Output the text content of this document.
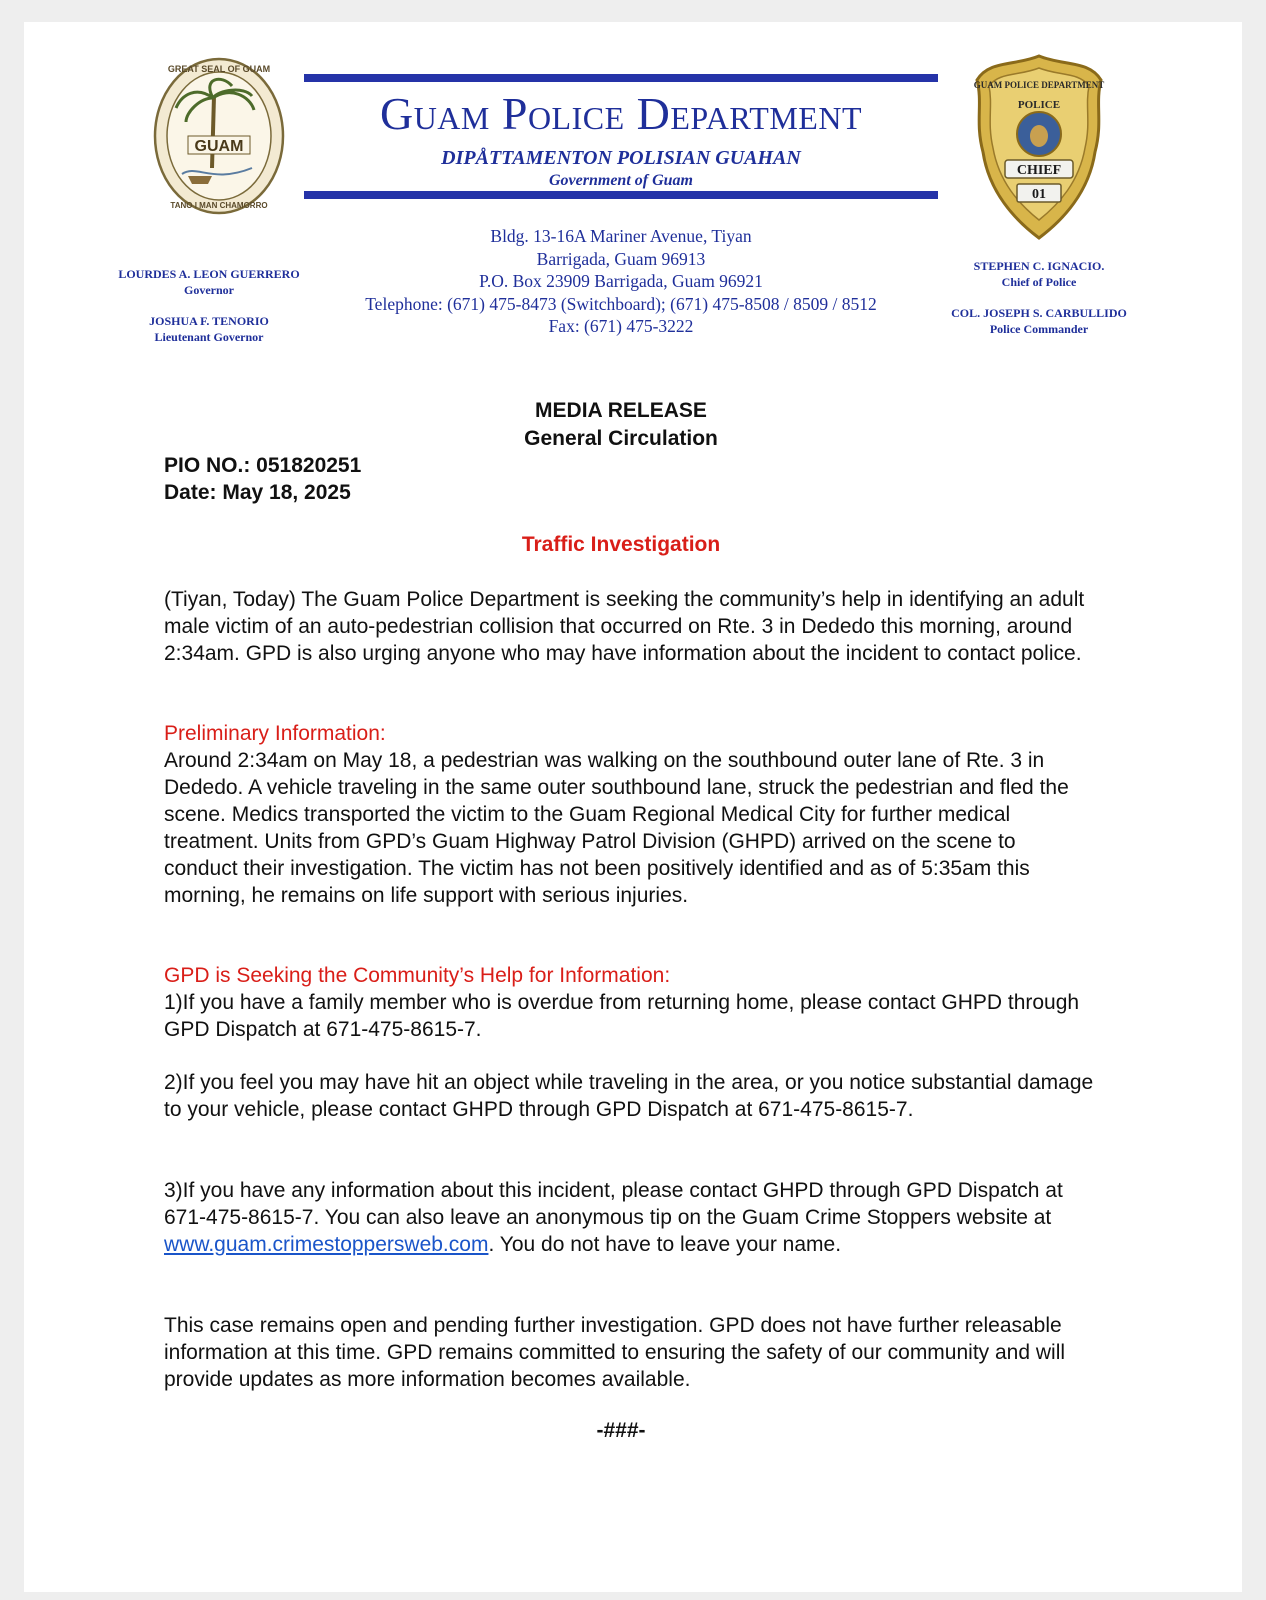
GUAM
GREAT SEAL OF GUAM
TANO I MAN CHAMORRO
GUAM POLICE DEPARTMENT
POLICE
CHIEF
01
Guam Police Department
DIPÅTTAMENTON POLISIAN GUAHAN
Government of Guam
Bldg. 13-16A Mariner Avenue, Tiyan
Barrigada, Guam 96913
P.O. Box 23909 Barrigada, Guam 96921
Telephone: (671) 475-8473 (Switchboard); (671) 475-8508 / 8509 / 8512
Fax: (671) 475-3222
LOURDES A. LEON GUERRERO
Governor
JOSHUA F. TENORIO
Lieutenant Governor
STEPHEN C. IGNACIO.
Chief of Police
COL. JOSEPH S. CARBULLIDO
Police Commander
MEDIA RELEASE
General Circulation
PIO NO.: 051820251
Date: May 18, 2025
Traffic Investigation
(Tiyan, Today) The Guam Police Department is seeking the community’s help in identifying an adult male victim of an auto-pedestrian collision that occurred on Rte. 3 in Dededo this morning, around 2:34am. GPD is also urging anyone who may have information about the incident to contact police.
Preliminary Information:
Around 2:34am on May 18, a pedestrian was walking on the southbound outer lane of Rte. 3 in Dededo. A vehicle traveling in the same outer southbound lane, struck the pedestrian and fled the scene. Medics transported the victim to the Guam Regional Medical City for further medical treatment. Units from GPD’s Guam Highway Patrol Division (GHPD) arrived on the scene to conduct their investigation. The victim has not been positively identified and as of 5:35am this morning, he remains on life support with serious injuries.
GPD is Seeking the Community’s Help for Information:
1)If you have a family member who is overdue from returning home, please contact GHPD through GPD Dispatch at 671-475-8615-7.
2)If you feel you may have hit an object while traveling in the area, or you notice substantial damage to your vehicle, please contact GHPD through GPD Dispatch at 671-475-8615-7.
3)If you have any information about this incident, please contact GHPD through GPD Dispatch at 671-475-8615-7. You can also leave an anonymous tip on the Guam Crime Stoppers website at www.guam.crimestoppersweb.com. You do not have to leave your name.
This case remains open and pending further investigation. GPD does not have further releasable information at this time. GPD remains committed to ensuring the safety of our community and will provide updates as more information becomes available.
-###-
